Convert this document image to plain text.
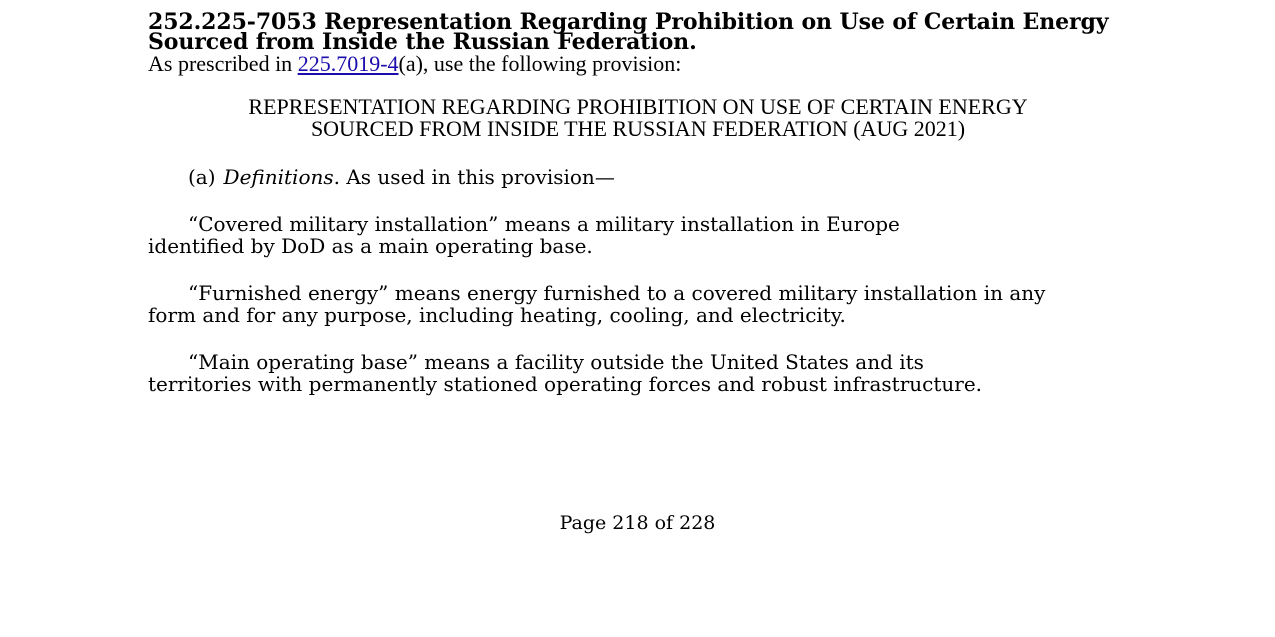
252.225-7053 Representation Regarding Prohibition on Use of Certain Energy
Sourced from Inside the Russian Federation.
As prescribed in 225.7019-4(a), use the following provision:
REPRESENTATION REGARDING PROHIBITION ON USE OF CERTAIN ENERGY
SOURCED FROM INSIDE THE RUSSIAN FEDERATION (AUG 2021)

(a) Definitions. As used in this provision—

“Covered military installation” means a military installation in Europe
identified by DoD as a main operating base.

“Furnished energy” means energy furnished to a covered military installation in any
form and for any purpose, including heating, cooling, and electricity.

“Main operating base” means a facility outside the United States and its
territories with permanently stationed operating forces and robust infrastructure.

Page 218 of 228
